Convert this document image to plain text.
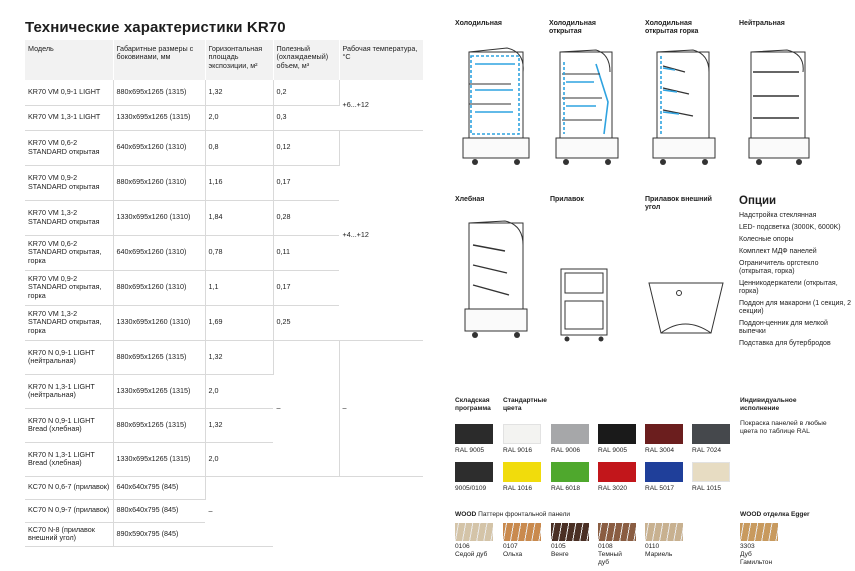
Технические характеристики KR70
Модель	Габаритные размеры с боковинами, мм	Горизонтальная площадь экспозиции, м²	Полезный (охлаждаемый) объем, м³	Рабочая температура, °С
KR70 VM 0,9-1 LIGHT	880x695x1265 (1315)	1,32	0,2	+6...+12
KR70 VM 1,3-1 LIGHT	1330x695x1265 (1315)	2,0	0,3	
KR70 VM 0,6-2 STANDARD открытая	640x695x1260 (1310)	0,8	0,12	+4...+12
KR70 VM 0,9-2 STANDARD открытая	880x695x1260 (1310)	1,16	0,17	
KR70 VM 1,3-2 STANDARD открытая	1330x695x1260 (1310)	1,84	0,28	
KR70 VM 0,6-2 STANDARD открытая, горка	640x695x1260 (1310)	0,78	0,11	
KR70 VM 0,9-2 STANDARD открытая, горка	880x695x1260 (1310)	1,1	0,17	
KR70 VM 1,3-2 STANDARD открытая, горка	1330x695x1260 (1310)	1,69	0,25	
KR70 N 0,9-1 LIGHT (нейтральная)	880x695x1265 (1315)	1,32	–	–
KR70 N 1,3-1 LIGHT (нейтральная)	1330x695x1265 (1315)	2,0		
KR70 N 0,9-1 LIGHT Bread (хлебная)	880x695x1265 (1315)	1,32		
KR70 N 1,3-1 LIGHT Bread (хлебная)	1330x695x1265 (1315)	2,0		
KC70 N 0,6-7 (прилавок)	640x640x795 (845)	–		
KC70 N 0,9-7 (прилавок)	880x640x795 (845)			
KC70 N-8 (прилавок внешний угол)	890x590x795 (845)			
Холодильная	Холодильная открытая
Холодильная открытая горка
Нейтральная
Хлебная	Прилавок	Прилавок внешний угол
Опции
Надстройка стеклянная
LED- подсветка (3000K, 6000K)
Колесные опоры
Комплект МДФ панелей
Ограничитель оргстекло (открытая, горка)
Ценникодержатели (открытая, горка)
Поддон для макарони (1 секция, 2 секции)
Поддон-ценник для мелкой выпечки
Подставка для бутербродов
Складская программа
Стандартные цвета
Индивидуальное исполнение
Покраска панелей в любые цвета по таблице RAL
RAL 9005	RAL 9016	RAL 9006	RAL 9005	RAL 3004	RAL 7024
9005/0109	RAL 1016	RAL 6018	RAL 3020	RAL 5017	RAL 1015
WOOD Паттерн фронтальной панели	WOOD отделка Egger
0106
Седой дуб
0107
Ольха
0105
Венге
0108
Темный дуб
0110
Мариель
3303
Дуб Гамильтон
